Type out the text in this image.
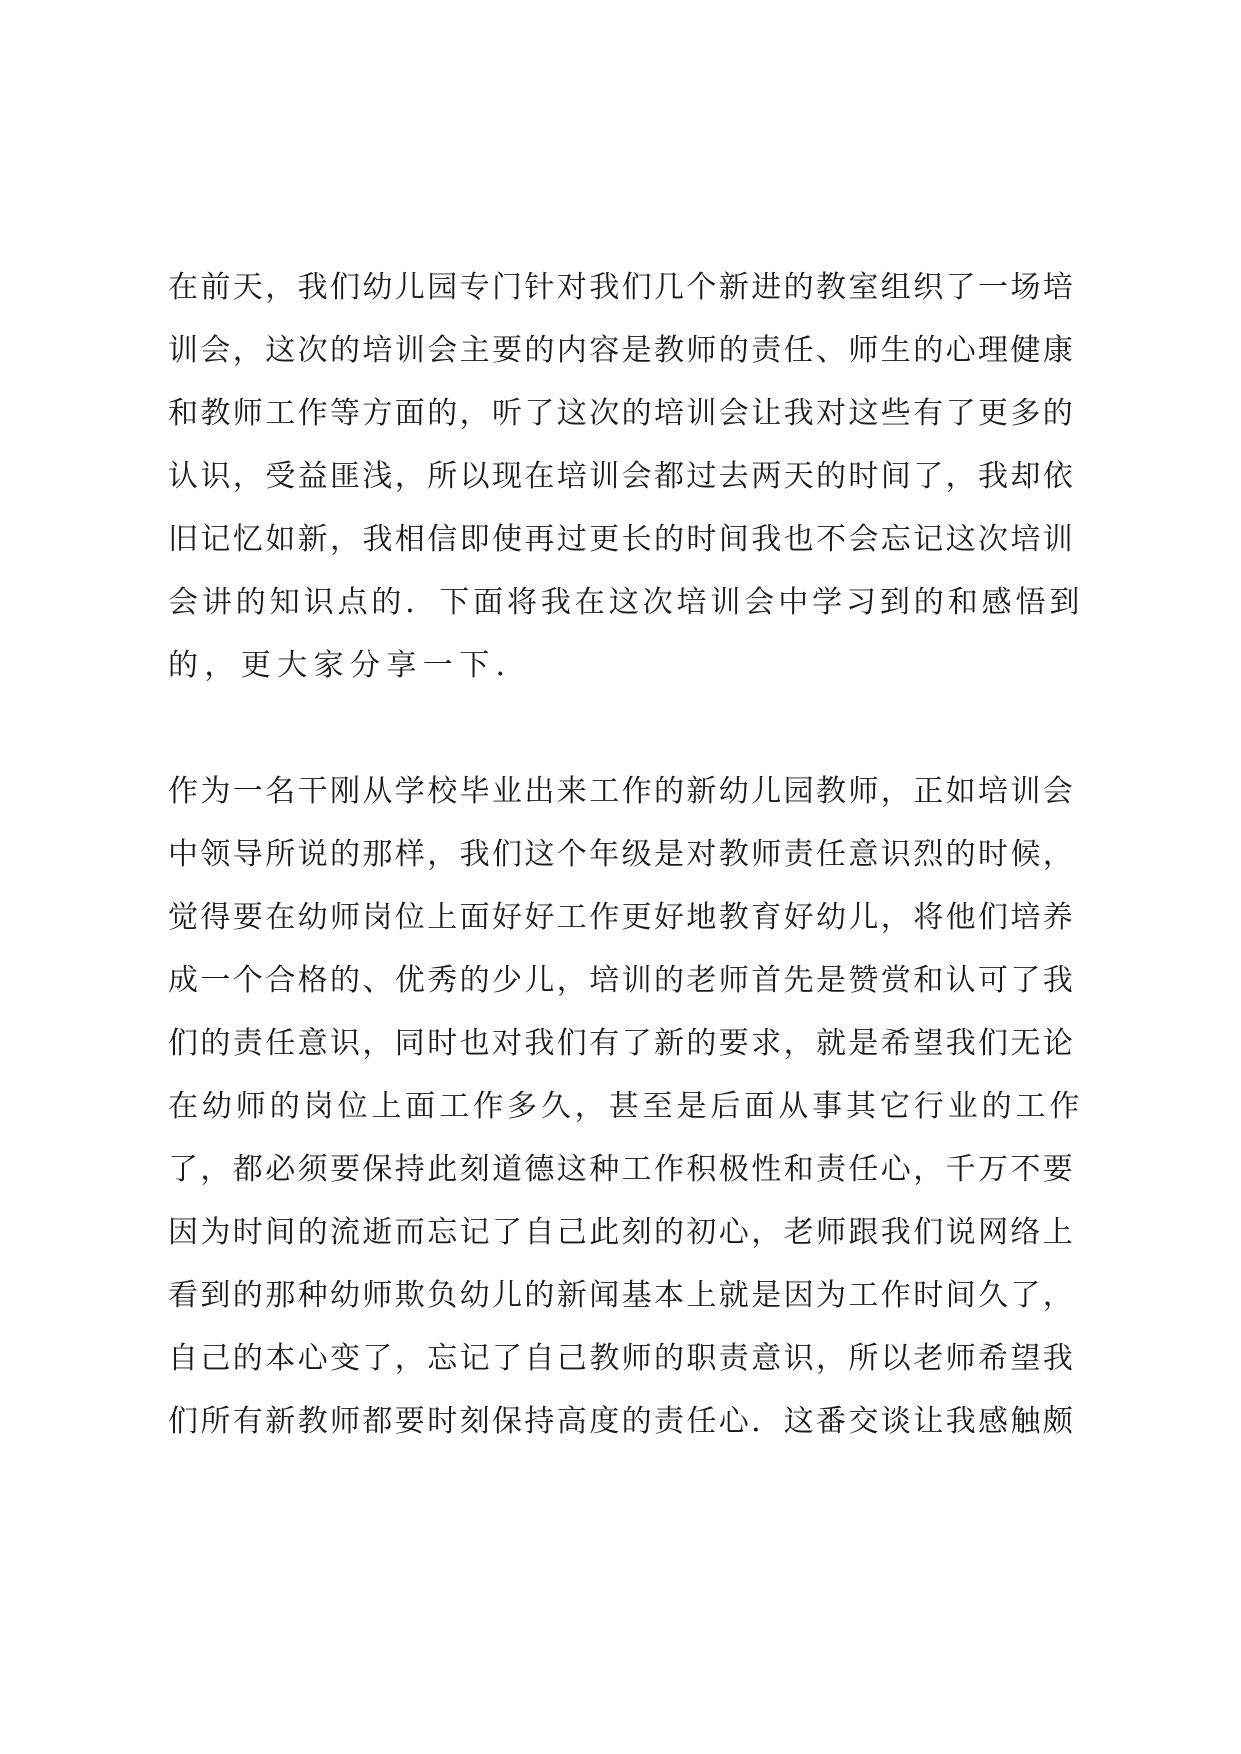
在前天，我们幼儿园专门针对我们几个新进的教室组织了一场培
训会，这次的培训会主要的内容是教师的责任、师生的心理健康
和教师工作等方面的，听了这次的培训会让我对这些有了更多的
认识，受益匪浅，所以现在培训会都过去两天的时间了，我却依
旧记忆如新，我相信即使再过更长的时间我也不会忘记这次培训
会讲的知识点的．下面将我在这次培训会中学习到的和感悟到
的，更大家分享一下．
作为一名干刚从学校毕业出来工作的新幼儿园教师，正如培训会
中领导所说的那样，我们这个年级是对教师责任意识烈的时候，
觉得要在幼师岗位上面好好工作更好地教育好幼儿，将他们培养
成一个合格的、优秀的少儿，培训的老师首先是赞赏和认可了我
们的责任意识，同时也对我们有了新的要求，就是希望我们无论
在幼师的岗位上面工作多久，甚至是后面从事其它行业的工作
了，都必须要保持此刻道德这种工作积极性和责任心，千万不要
因为时间的流逝而忘记了自己此刻的初心，老师跟我们说网络上
看到的那种幼师欺负幼儿的新闻基本上就是因为工作时间久了，
自己的本心变了，忘记了自己教师的职责意识，所以老师希望我
们所有新教师都要时刻保持高度的责任心．这番交谈让我感触颇
